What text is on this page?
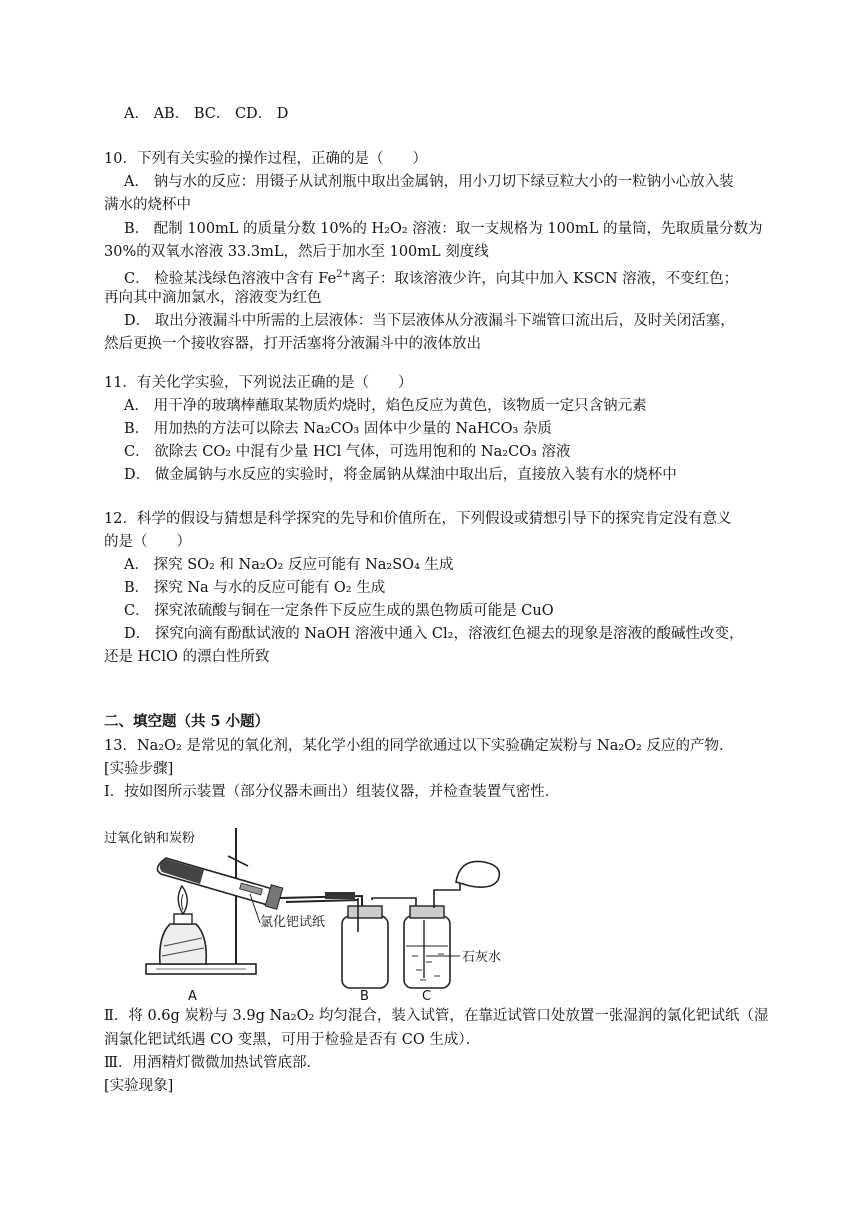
A． AB． BC． CD． D
10．下列有关实验的操作过程，正确的是（　　）
A． 钠与水的反应：用镊子从试剂瓶中取出金属钠，用小刀切下绿豆粒大小的一粒钠小心放入装
满水的烧杯中
B． 配制 100mL 的质量分数 10%的 H₂O₂ 溶液：取一支规格为 100mL 的量筒，先取质量分数为
30%的双氧水溶液 33.3mL，然后于加水至 100mL 刻度线
C． 检验某浅绿色溶液中含有 $Fe^{2+}$离子：取该溶液少许，向其中加入 KSCN 溶液，不变红色；
再向其中滴加氯水，溶液变为红色
D． 取出分液漏斗中所需的上层液体：当下层液体从分液漏斗下端管口流出后，及时关闭活塞，
然后更换一个接收容器，打开活塞将分液漏斗中的液体放出
11．有关化学实验，下列说法正确的是（　　）
A． 用干净的玻璃棒蘸取某物质灼烧时，焰色反应为黄色，该物质一定只含钠元素
B． 用加热的方法可以除去 Na₂CO₃ 固体中少量的 NaHCO₃ 杂质
C． 欲除去 CO₂ 中混有少量 HCl 气体，可选用饱和的 Na₂CO₃ 溶液
D． 做金属钠与水反应的实验时，将金属钠从煤油中取出后，直接放入装有水的烧杯中
12．科学的假设与猜想是科学探究的先导和价值所在，下列假设或猜想引导下的探究肯定没有意义
的是（　　）
A． 探究 SO₂ 和 Na₂O₂ 反应可能有 Na₂SO₄ 生成
B． 探究 Na 与水的反应可能有 O₂ 生成
C． 探究浓硫酸与铜在一定条件下反应生成的黑色物质可能是 CuO
D． 探究向滴有酚酞试液的 NaOH 溶液中通入 Cl₂，溶液红色褪去的现象是溶液的酸碱性改变，
还是 HClO 的漂白性所致
二、填空题（共 5 小题）
13．Na₂O₂ 是常见的氧化剂，某化学小组的同学欲通过以下实验确定炭粉与 Na₂O₂ 反应的产物．
[实验步骤]
Ⅰ．按如图所示装置（部分仪器未画出）组装仪器，并检查装置气密性．
过氧化钠和炭粉
氯化钯试纸
石灰水
A	B	C
Ⅱ．将 0.6g 炭粉与 3.9g Na₂O₂ 均匀混合，装入试管，在靠近试管口处放置一张湿润的氯化钯试纸（湿
润氯化钯试纸遇 CO 变黑，可用于检验是否有 CO 生成）．
Ⅲ．用酒精灯微微加热试管底部．
[实验现象]
